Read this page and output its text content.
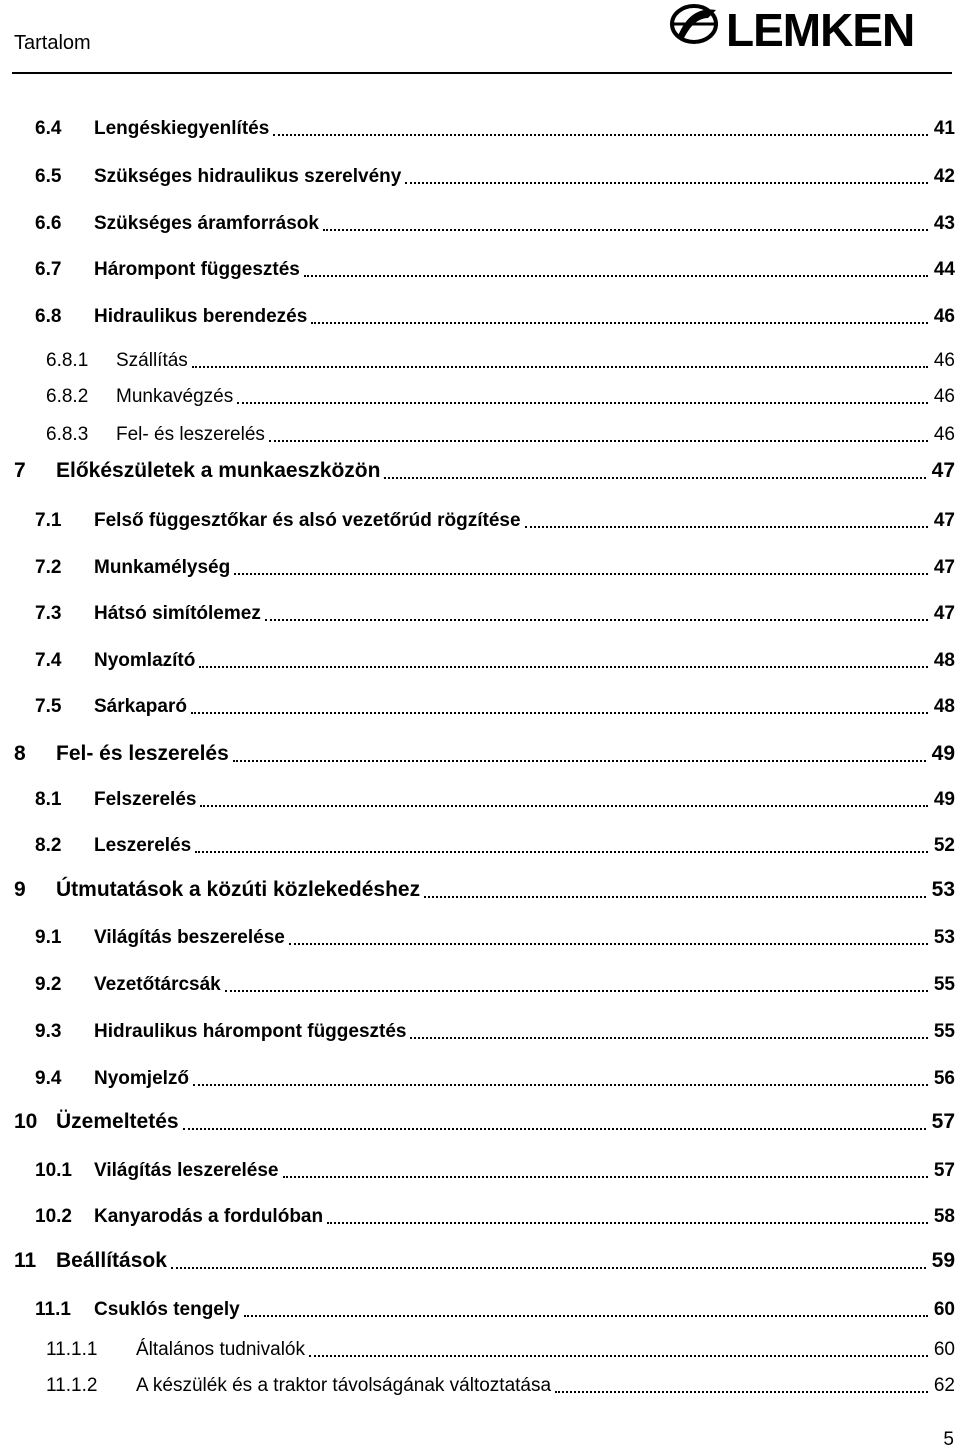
Tartalom	LEMKEN
6.4 Lengéskiegyenlítés	41
6.5 Szükséges hidraulikus szerelvény	42
6.6 Szükséges áramforrások	43
6.7 Hárompont függesztés	44
6.8 Hidraulikus berendezés	46
6.8.1 Szállítás	46
6.8.2 Munkavégzés	46
6.8.3 Fel- és leszerelés	46
7 Előkészületek a munkaeszközön	47
7.1 Felső függesztőkar és alsó vezetőrúd rögzítése	47
7.2 Munkamélység	47
7.3 Hátsó simítólemez	47
7.4 Nyomlazító	48
7.5 Sárkaparó	48
8 Fel- és leszerelés	49
8.1 Felszerelés	49
8.2 Leszerelés	52
9 Útmutatások a közúti közlekedéshez	53
9.1 Világítás beszerelése	53
9.2 Vezetőtárcsák	55
9.3 Hidraulikus hárompont függesztés	55
9.4 Nyomjelző	56
10 Üzemeltetés	57
10.1 Világítás leszerelése	57
10.2 Kanyarodás a fordulóban	58
11 Beállítások	59
11.1 Csuklós tengely	60
11.1.1 Általános tudnivalók	60
11.1.2 A készülék és a traktor távolságának változtatása	62
5
